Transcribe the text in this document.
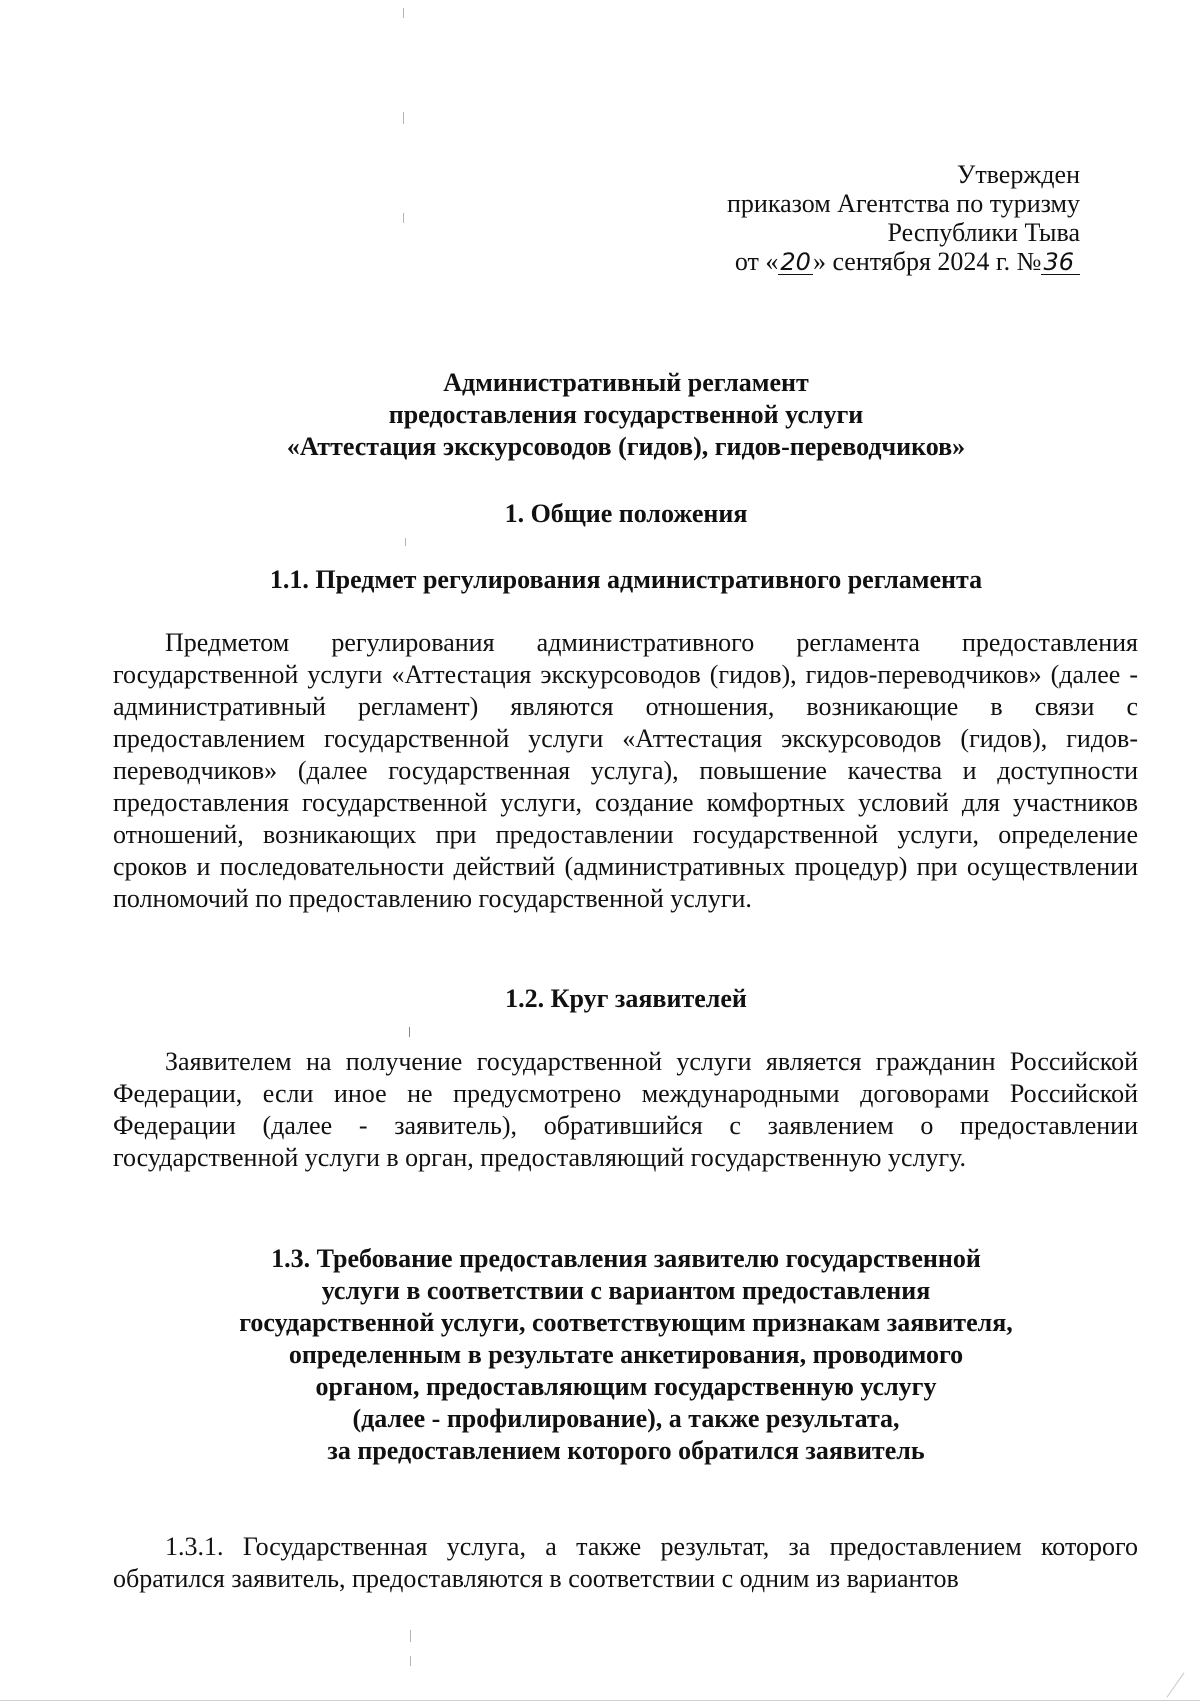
Утвержден
приказом Агентства по туризму
Республики Тыва
от «20» сентября 2024 г. №36
Административный регламент
предоставления государственной услуги
«Аттестация экскурсоводов (гидов), гидов-переводчиков»
1. Общие положения
1.1. Предмет регулирования административного регламента
Предметом регулирования административного регламента предоставления государственной услуги «Аттестация экскурсоводов (гидов), гидов-переводчиков» (далее - административный регламент) являются отношения, возникающие в связи с предоставлением государственной услуги «Аттестация экскурсоводов (гидов), гидов-переводчиков» (далее государственная услуга), повышение качества и доступности предоставления государственной услуги, создание комфортных условий для участников отношений, возникающих при предоставлении государственной услуги, определение сроков и последовательности действий (административных процедур) при осуществлении полномочий по предоставлению государственной услуги.
1.2. Круг заявителей
Заявителем на получение государственной услуги является гражданин Российской Федерации, если иное не предусмотрено международными договорами Российской Федерации (далее - заявитель), обратившийся с заявлением о предоставлении государственной услуги в орган, предоставляющий государственную услугу.
1.3. Требование предоставления заявителю государственной
услуги в соответствии с вариантом предоставления
государственной услуги, соответствующим признакам заявителя,
определенным в результате анкетирования, проводимого
органом, предоставляющим государственную услугу
(далее - профилирование), а также результата,
за предоставлением которого обратился заявитель
1.3.1. Государственная услуга, а также результат, за предоставлением которого обратился заявитель, предоставляются в соответствии с одним из вариантов
